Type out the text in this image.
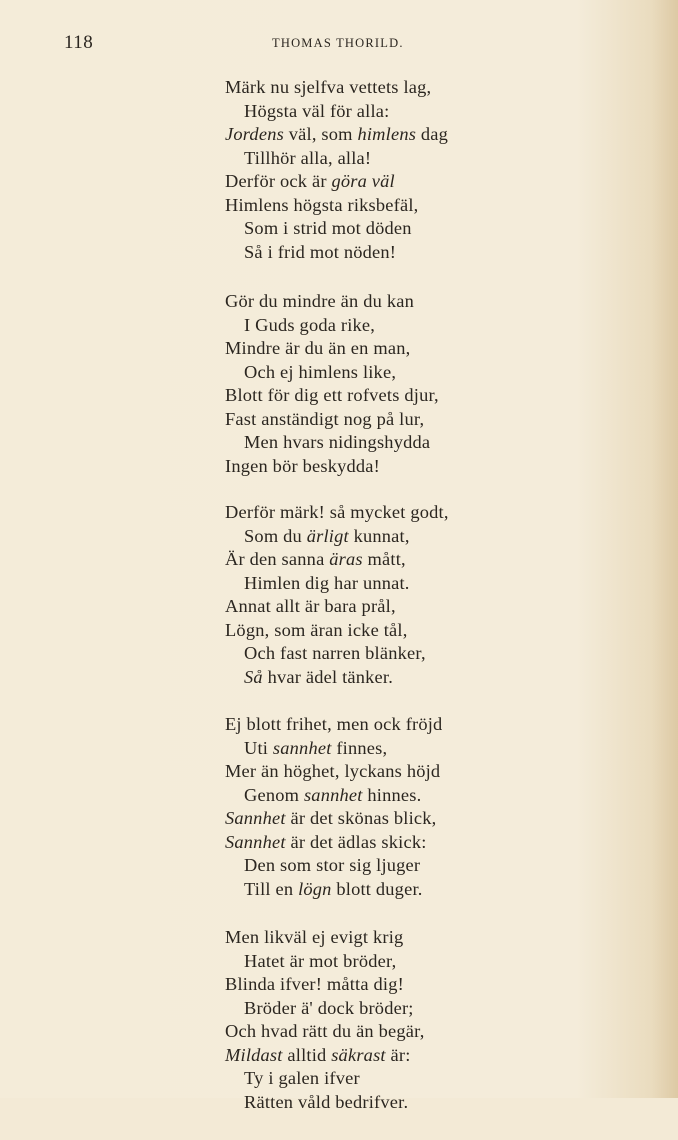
118	THOMAS THORILD.
Märk nu sjelfva vettets lag,
Högsta väl för alla:
Jordens väl, som himlens dag
Tillhör alla, alla!
Derför ock är göra väl
Himlens högsta riksbefäl,
Som i strid mot döden
Så i frid mot nöden!
Gör du mindre än du kan
I Guds goda rike,
Mindre är du än en man,
Och ej himlens like,
Blott för dig ett rofvets djur,
Fast anständigt nog på lur,
Men hvars nidingshydda
Ingen bör beskydda!
Derför märk! så mycket godt,
Som du ärligt kunnat,
Är den sanna äras mått,
Himlen dig har unnat.
Annat allt är bara prål,
Lögn, som äran icke tål,
Och fast narren blänker,
Så hvar ädel tänker.
Ej blott frihet, men ock fröjd
Uti sannhet finnes,
Mer än höghet, lyckans höjd
Genom sannhet hinnes.
Sannhet är det skönas blick,
Sannhet är det ädlas skick:
Den som stor sig ljuger
Till en lögn blott duger.
Men likväl ej evigt krig
Hatet är mot bröder,
Blinda ifver! måtta dig!
Bröder ä' dock bröder;
Och hvad rätt du än begär,
Mildast alltid säkrast är:
Ty i galen ifver
Rätten våld bedrifver.
